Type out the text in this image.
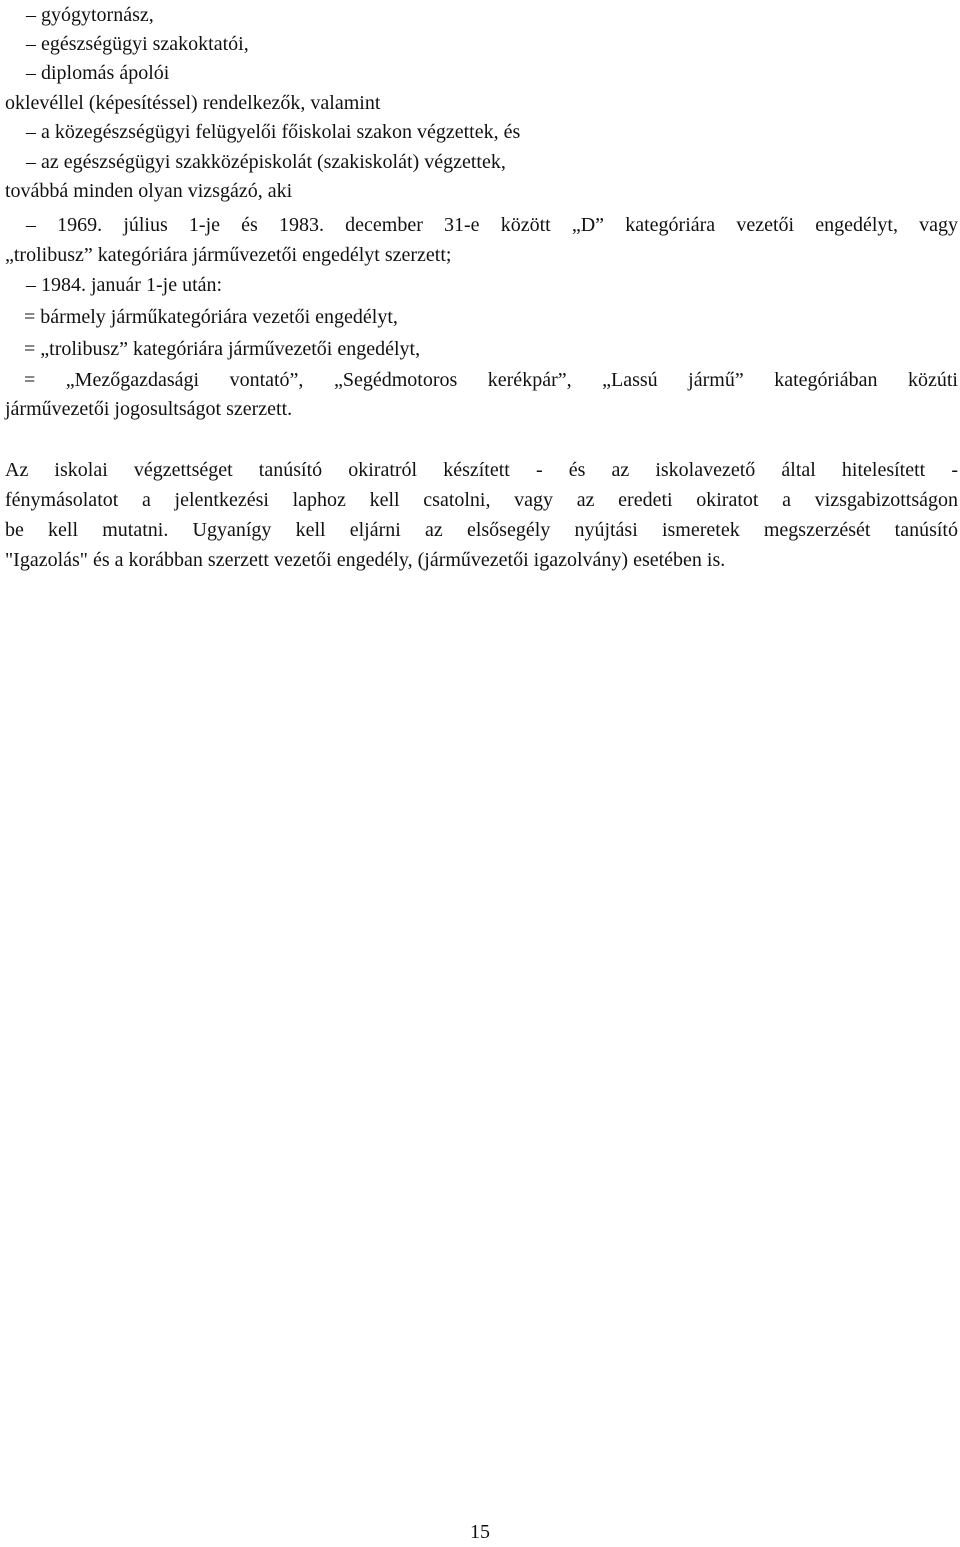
– gyógytornász,
– egészségügyi szakoktatói,
– diplomás ápolói
oklevéllel (képesítéssel) rendelkezők, valamint
– a közegészségügyi felügyelői főiskolai szakon végzettek, és
– az egészségügyi szakközépiskolát (szakiskolát) végzettek,
továbbá minden olyan vizsgázó, aki
– 1969. július 1-je és 1983. december 31-e között „D” kategóriára vezetői engedélyt, vagy
„trolibusz” kategóriára járművezetői engedélyt szerzett;
– 1984. január 1-je után:
= bármely járműkategóriára vezetői engedélyt,
= „trolibusz” kategóriára járművezetői engedélyt,
= „Mezőgazdasági vontató”, „Segédmotoros kerékpár”, „Lassú jármű” kategóriában közúti
járművezetői jogosultságot szerzett.
Az iskolai végzettséget tanúsító okiratról készített - és az iskolavezető által hitelesített -
fénymásolatot a jelentkezési laphoz kell csatolni, vagy az eredeti okiratot a vizsgabizottságon
be kell mutatni. Ugyanígy kell eljárni az elsősegély nyújtási ismeretek megszerzését tanúsító
"Igazolás" és a korábban szerzett vezetői engedély, (járművezetői igazolvány) esetében is.
15
